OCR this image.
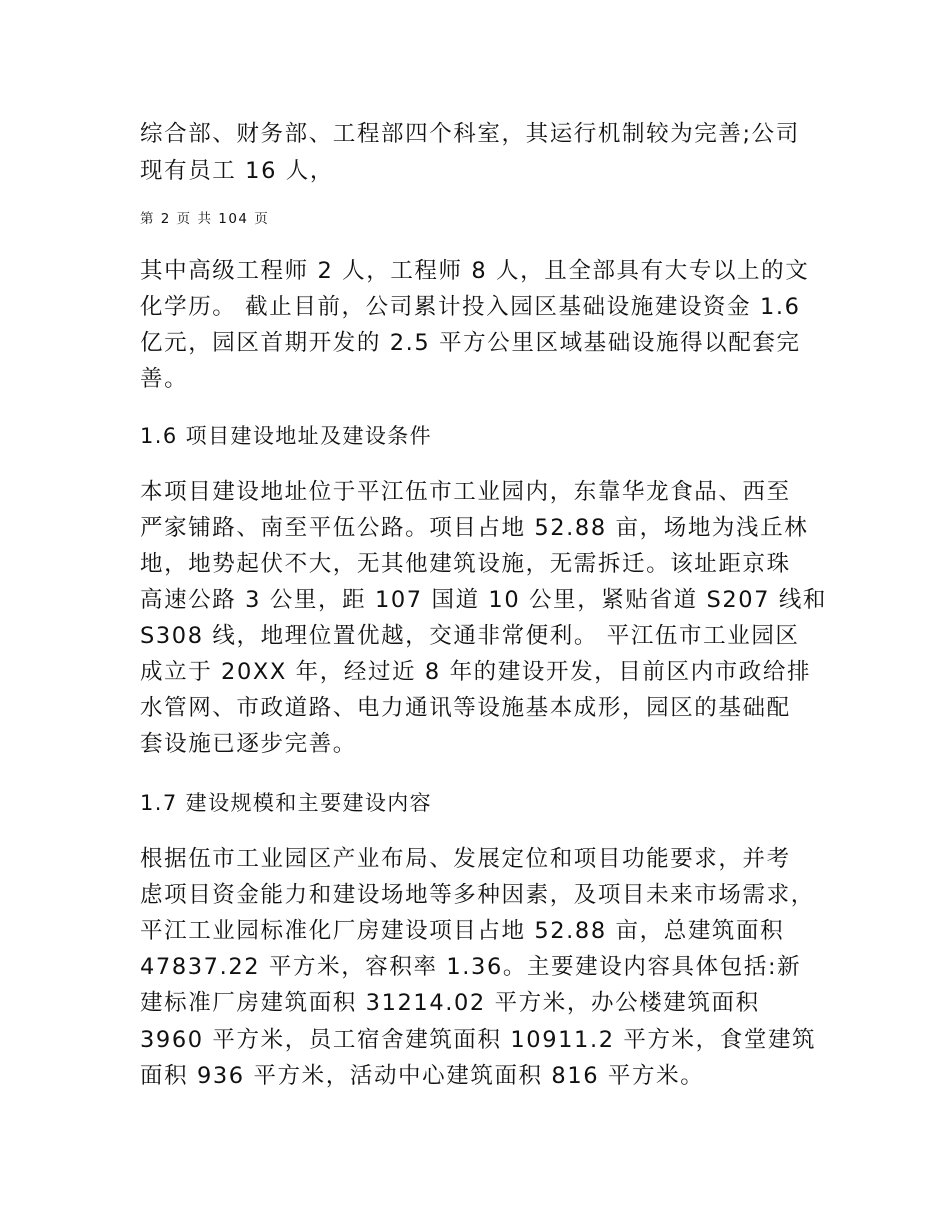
综合部、财务部、工程部四个科室，其运行机制较为完善;公司
现有员工 16 人，
第 2 页 共 104 页
其中高级工程师 2 人，工程师 8 人，且全部具有大专以上的文
化学历。 截止目前，公司累计投入园区基础设施建设资金 1.6
亿元，园区首期开发的 2.5 平方公里区域基础设施得以配套完
善。
1.6 项目建设地址及建设条件
本项目建设地址位于平江伍市工业园内，东靠华龙食品、西至
严家铺路、南至平伍公路。项目占地 52.88 亩，场地为浅丘林
地，地势起伏不大，无其他建筑设施，无需拆迁。该址距京珠
高速公路 3 公里，距 107 国道 10 公里，紧贴省道 S207 线和
S308 线，地理位置优越，交通非常便利。 平江伍市工业园区
成立于 20XX 年，经过近 8 年的建设开发，目前区内市政给排
水管网、市政道路、电力通讯等设施基本成形，园区的基础配
套设施已逐步完善。
1.7 建设规模和主要建设内容
根据伍市工业园区产业布局、发展定位和项目功能要求，并考
虑项目资金能力和建设场地等多种因素，及项目未来市场需求，
平江工业园标准化厂房建设项目占地 52.88 亩，总建筑面积
47837.22 平方米，容积率 1.36。主要建设内容具体包括:新
建标准厂房建筑面积 31214.02 平方米，办公楼建筑面积
3960 平方米，员工宿舍建筑面积 10911.2 平方米，食堂建筑
面积 936 平方米，活动中心建筑面积 816 平方米。
